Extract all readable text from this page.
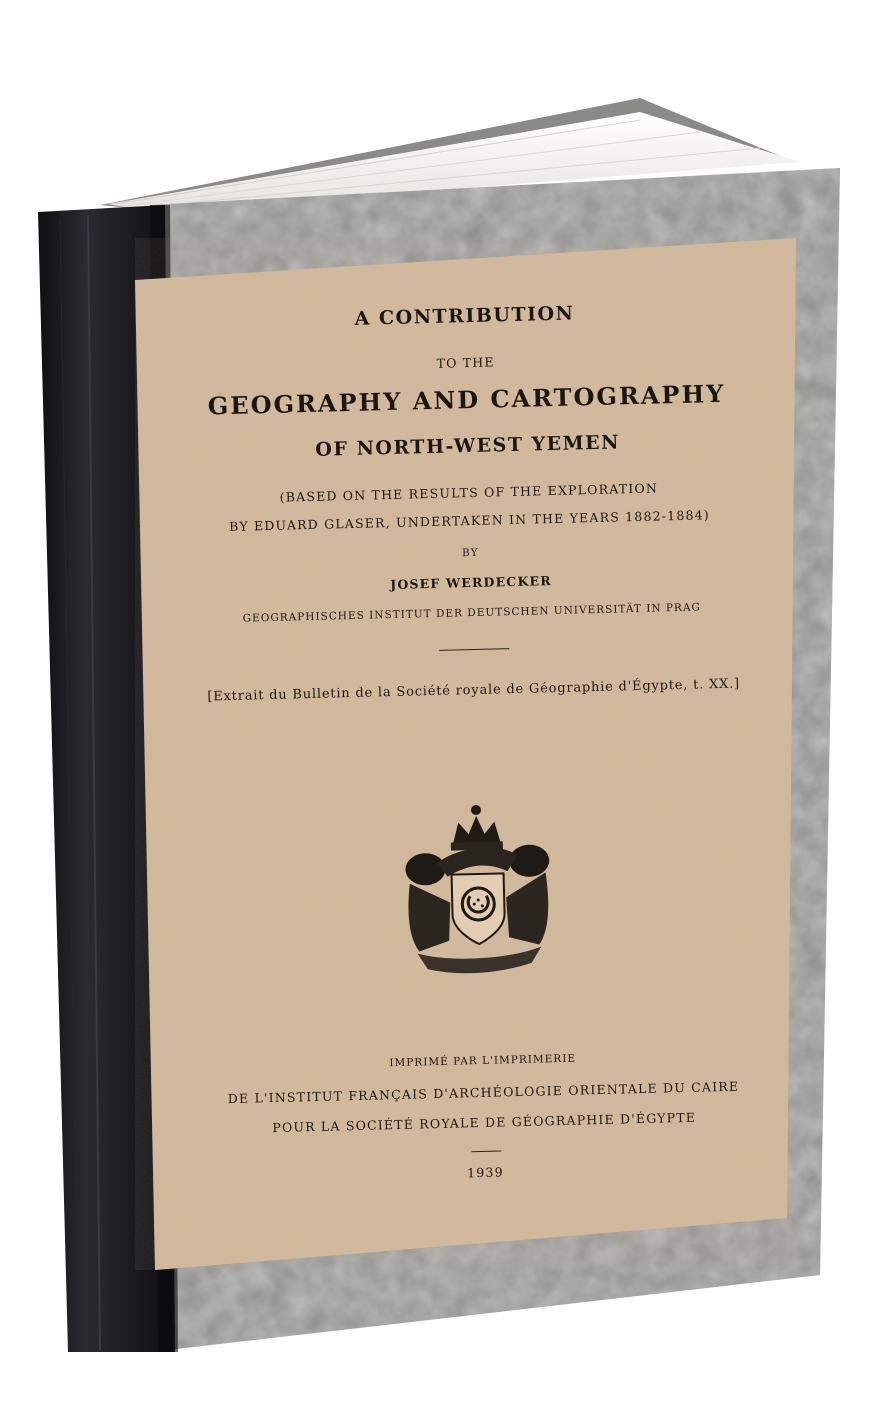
A CONTRIBUTION
TO THE
GEOGRAPHY AND CARTOGRAPHY
OF NORTH-WEST YEMEN
(BASED ON THE RESULTS OF THE EXPLORATION
BY EDUARD GLASER, UNDERTAKEN IN THE YEARS 1882-1884)
BY
JOSEF WERDECKER
GEOGRAPHISCHES INSTITUT DER DEUTSCHEN UNIVERSITÄT IN PRAG
[Extrait du Bulletin de la Société royale de Géographie d'Égypte, t. XX.]
IMPRIMÉ PAR L'IMPRIMERIE
DE L'INSTITUT FRANÇAIS D'ARCHÉOLOGIE ORIENTALE DU CAIRE
POUR LA SOCIÉTÉ ROYALE DE GÉOGRAPHIE D'ÉGYPTE
1939
